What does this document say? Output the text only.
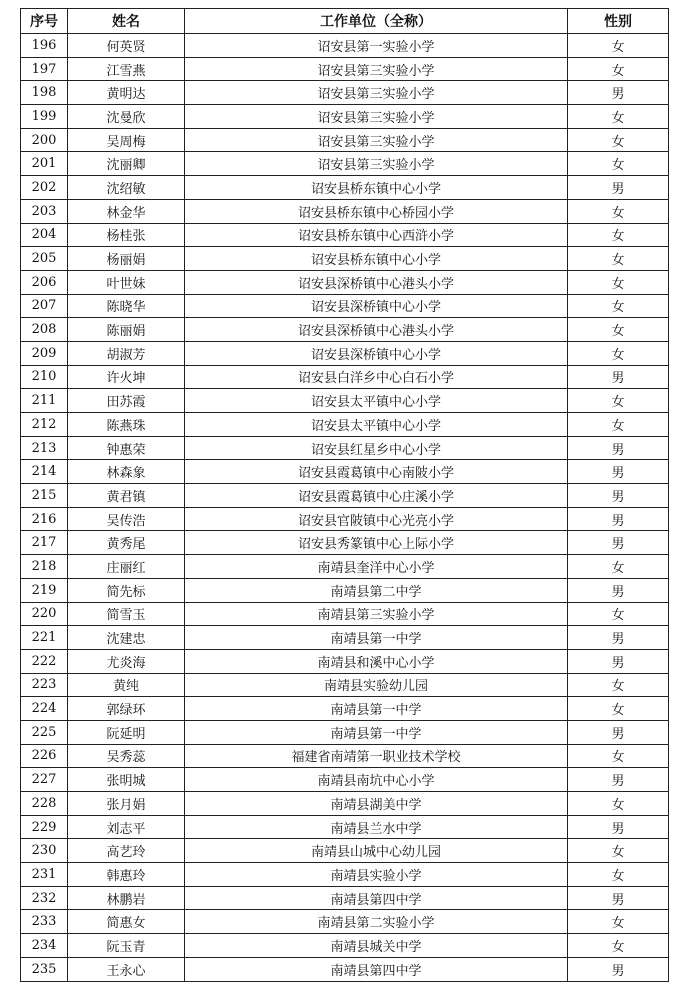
序号	姓名	工作单位（全称）	性别
196	何英贤	诏安县第一实验小学	女
197	江雪燕	诏安县第三实验小学	女
198	黄明达	诏安县第三实验小学	男
199	沈曼欣	诏安县第三实验小学	女
200	吴周梅	诏安县第三实验小学	女
201	沈丽卿	诏安县第三实验小学	女
202	沈绍敏	诏安县桥东镇中心小学	男
203	林金华	诏安县桥东镇中心桥园小学	女
204	杨桂张	诏安县桥东镇中心西浒小学	女
205	杨丽娟	诏安县桥东镇中心小学	女
206	叶世妹	诏安县深桥镇中心港头小学	女
207	陈晓华	诏安县深桥镇中心小学	女
208	陈丽娟	诏安县深桥镇中心港头小学	女
209	胡淑芳	诏安县深桥镇中心小学	女
210	许火坤	诏安县白洋乡中心白石小学	男
211	田苏霞	诏安县太平镇中心小学	女
212	陈燕珠	诏安县太平镇中心小学	女
213	钟惠荣	诏安县红星乡中心小学	男
214	林森象	诏安县霞葛镇中心南陂小学	男
215	黄君镇	诏安县霞葛镇中心庄溪小学	男
216	吴传浩	诏安县官陂镇中心光亮小学	男
217	黄秀尾	诏安县秀篆镇中心上际小学	男
218	庄丽红	南靖县奎洋中心小学	女
219	简先标	南靖县第二中学	男
220	简雪玉	南靖县第三实验小学	女
221	沈建忠	南靖县第一中学	男
222	尤炎海	南靖县和溪中心小学	男
223	黄纯	南靖县实验幼儿园	女
224	郭绿环	南靖县第一中学	女
225	阮延明	南靖县第一中学	男
226	吴秀蕊	福建省南靖第一职业技术学校	女
227	张明城	南靖县南坑中心小学	男
228	张月娟	南靖县湖美中学	女
229	刘志平	南靖县兰水中学	男
230	高艺玲	南靖县山城中心幼儿园	女
231	韩惠玲	南靖县实验小学	女
232	林鹏岩	南靖县第四中学	男
233	简惠女	南靖县第二实验小学	女
234	阮玉青	南靖县城关中学	女
235	王永心	南靖县第四中学	男
